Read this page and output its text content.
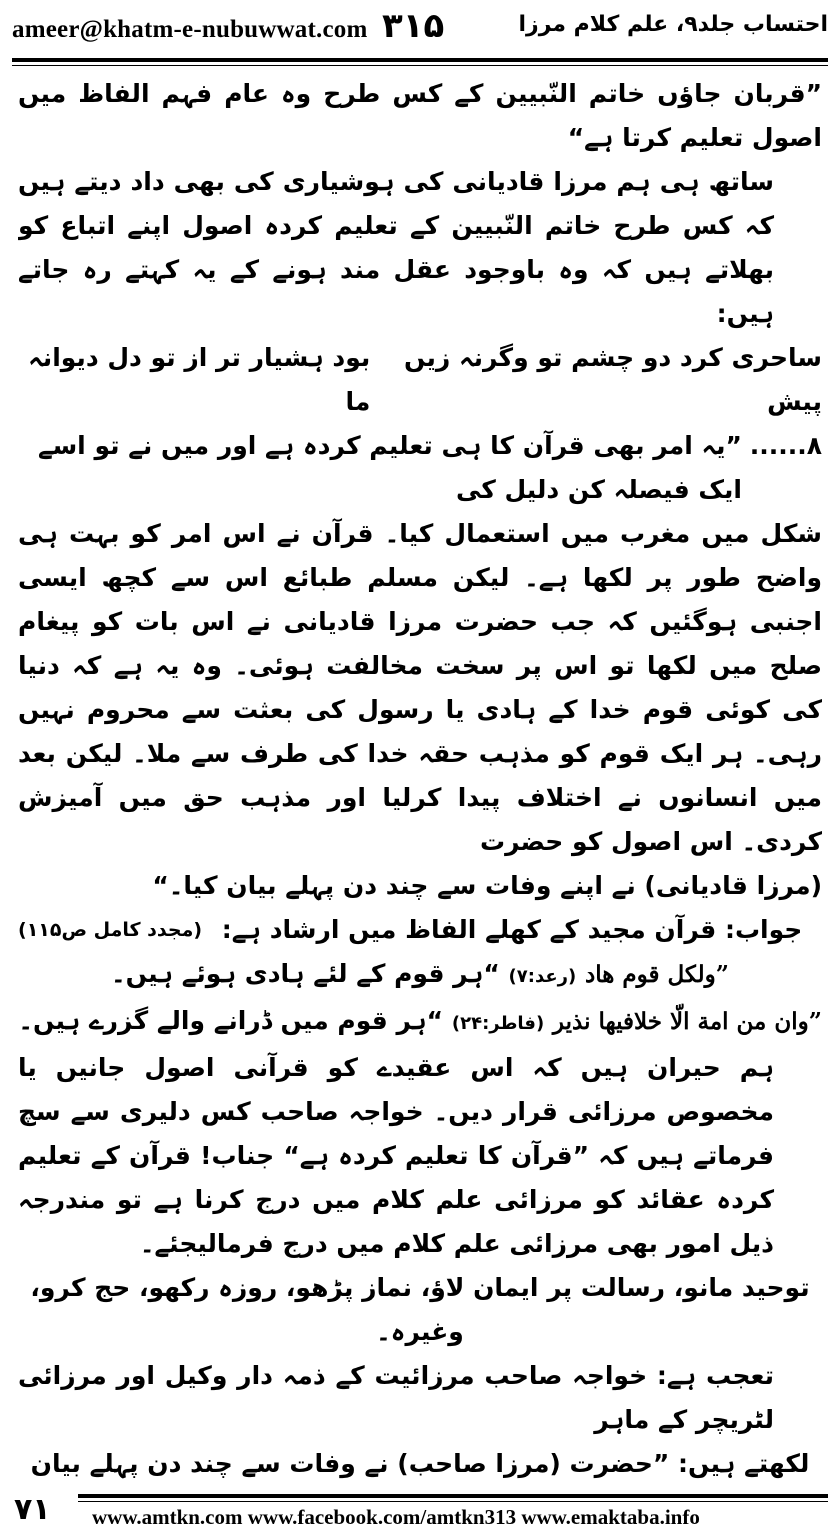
ameer@khatm-e-nubuwwat.com ۳۱۵	احتساب جلد۹، علم کلام مرزا

”قربان جاؤں خاتم النّبیین کے کس طرح وہ عام فہم الفاظ میں اصول تعلیم کرتا ہے“

ساتھ ہی ہم مرزا قادیانی کی ہوشیاری کی بھی داد دیتے ہیں کہ کس طرح خاتم النّبیین کے تعلیم کردہ اصول اپنے اتباع کو بھلاتے ہیں کہ وہ باوجود عقل مند ہونے کے یہ کہتے رہ جاتے ہیں:

ساحری کرد دو چشم تو وگرنہ زیں پیش
بود ہشیار تر از تو دل دیوانہ ما
۸......
”یہ امر بھی قرآن کا ہی تعلیم کردہ ہے اور میں نے تو اسے ایک فیصلہ کن دلیل کی

شکل میں مغرب میں استعمال کیا۔ قرآن نے اس امر کو بہت ہی واضح طور پر لکھا ہے۔ لیکن مسلم طبائع اس سے کچھ ایسی اجنبی ہوگئیں کہ جب حضرت مرزا قادیانی نے اس بات کو پیغام صلح میں لکھا تو اس پر سخت مخالفت ہوئی۔ وہ یہ ہے کہ دنیا کی کوئی قوم خدا کے ہادی یا رسول کی بعثت سے محروم نہیں رہی۔ ہر ایک قوم کو مذہب حقہ خدا کی طرف سے ملا۔ لیکن بعد میں انسانوں نے اختلاف پیدا کرلیا اور مذہب حق میں آمیزش کردی۔ اس اصول کو حضرت

(مرزا قادیانی) نے اپنے وفات سے چند دن پہلے بیان کیا۔“
(مجدد کامل ص۱۱۵) جواب: قرآن مجید کے کھلے الفاظ میں ارشاد ہے:

”ولکل قوم ھاد (رعد:۷) “ہر قوم کے لئے ہادی ہوئے ہیں۔

”وان من امة الّا خلافیھا نذیر (فاطر:۲۴) “ہر قوم میں ڈرانے والے گزرے ہیں۔

ہم حیران ہیں کہ اس عقیدے کو قرآنی اصول جانیں یا مخصوص مرزائی قرار دیں۔ خواجہ صاحب کس دلیری سے سچ فرماتے ہیں کہ ”قرآن کا تعلیم کردہ ہے“ جناب! قرآن کے تعلیم کردہ عقائد کو مرزائی علم کلام میں درج کرنا ہے تو مندرجہ ذیل امور بھی مرزائی علم کلام میں درج فرمالیجئے۔

توحید مانو، رسالت پر ایمان لاؤ، نماز پڑھو، روزہ رکھو، حج کرو، وغیرہ۔

تعجب ہے: خواجہ صاحب مرزائیت کے ذمہ دار وکیل اور مرزائی لٹریچر کے ماہر

لکھتے ہیں: ”حضرت (مرزا صاحب) نے وفات سے چند دن پہلے بیان

۷۱ www.amtkn.com www.facebook.com/amtkn313 www.emaktaba.info
